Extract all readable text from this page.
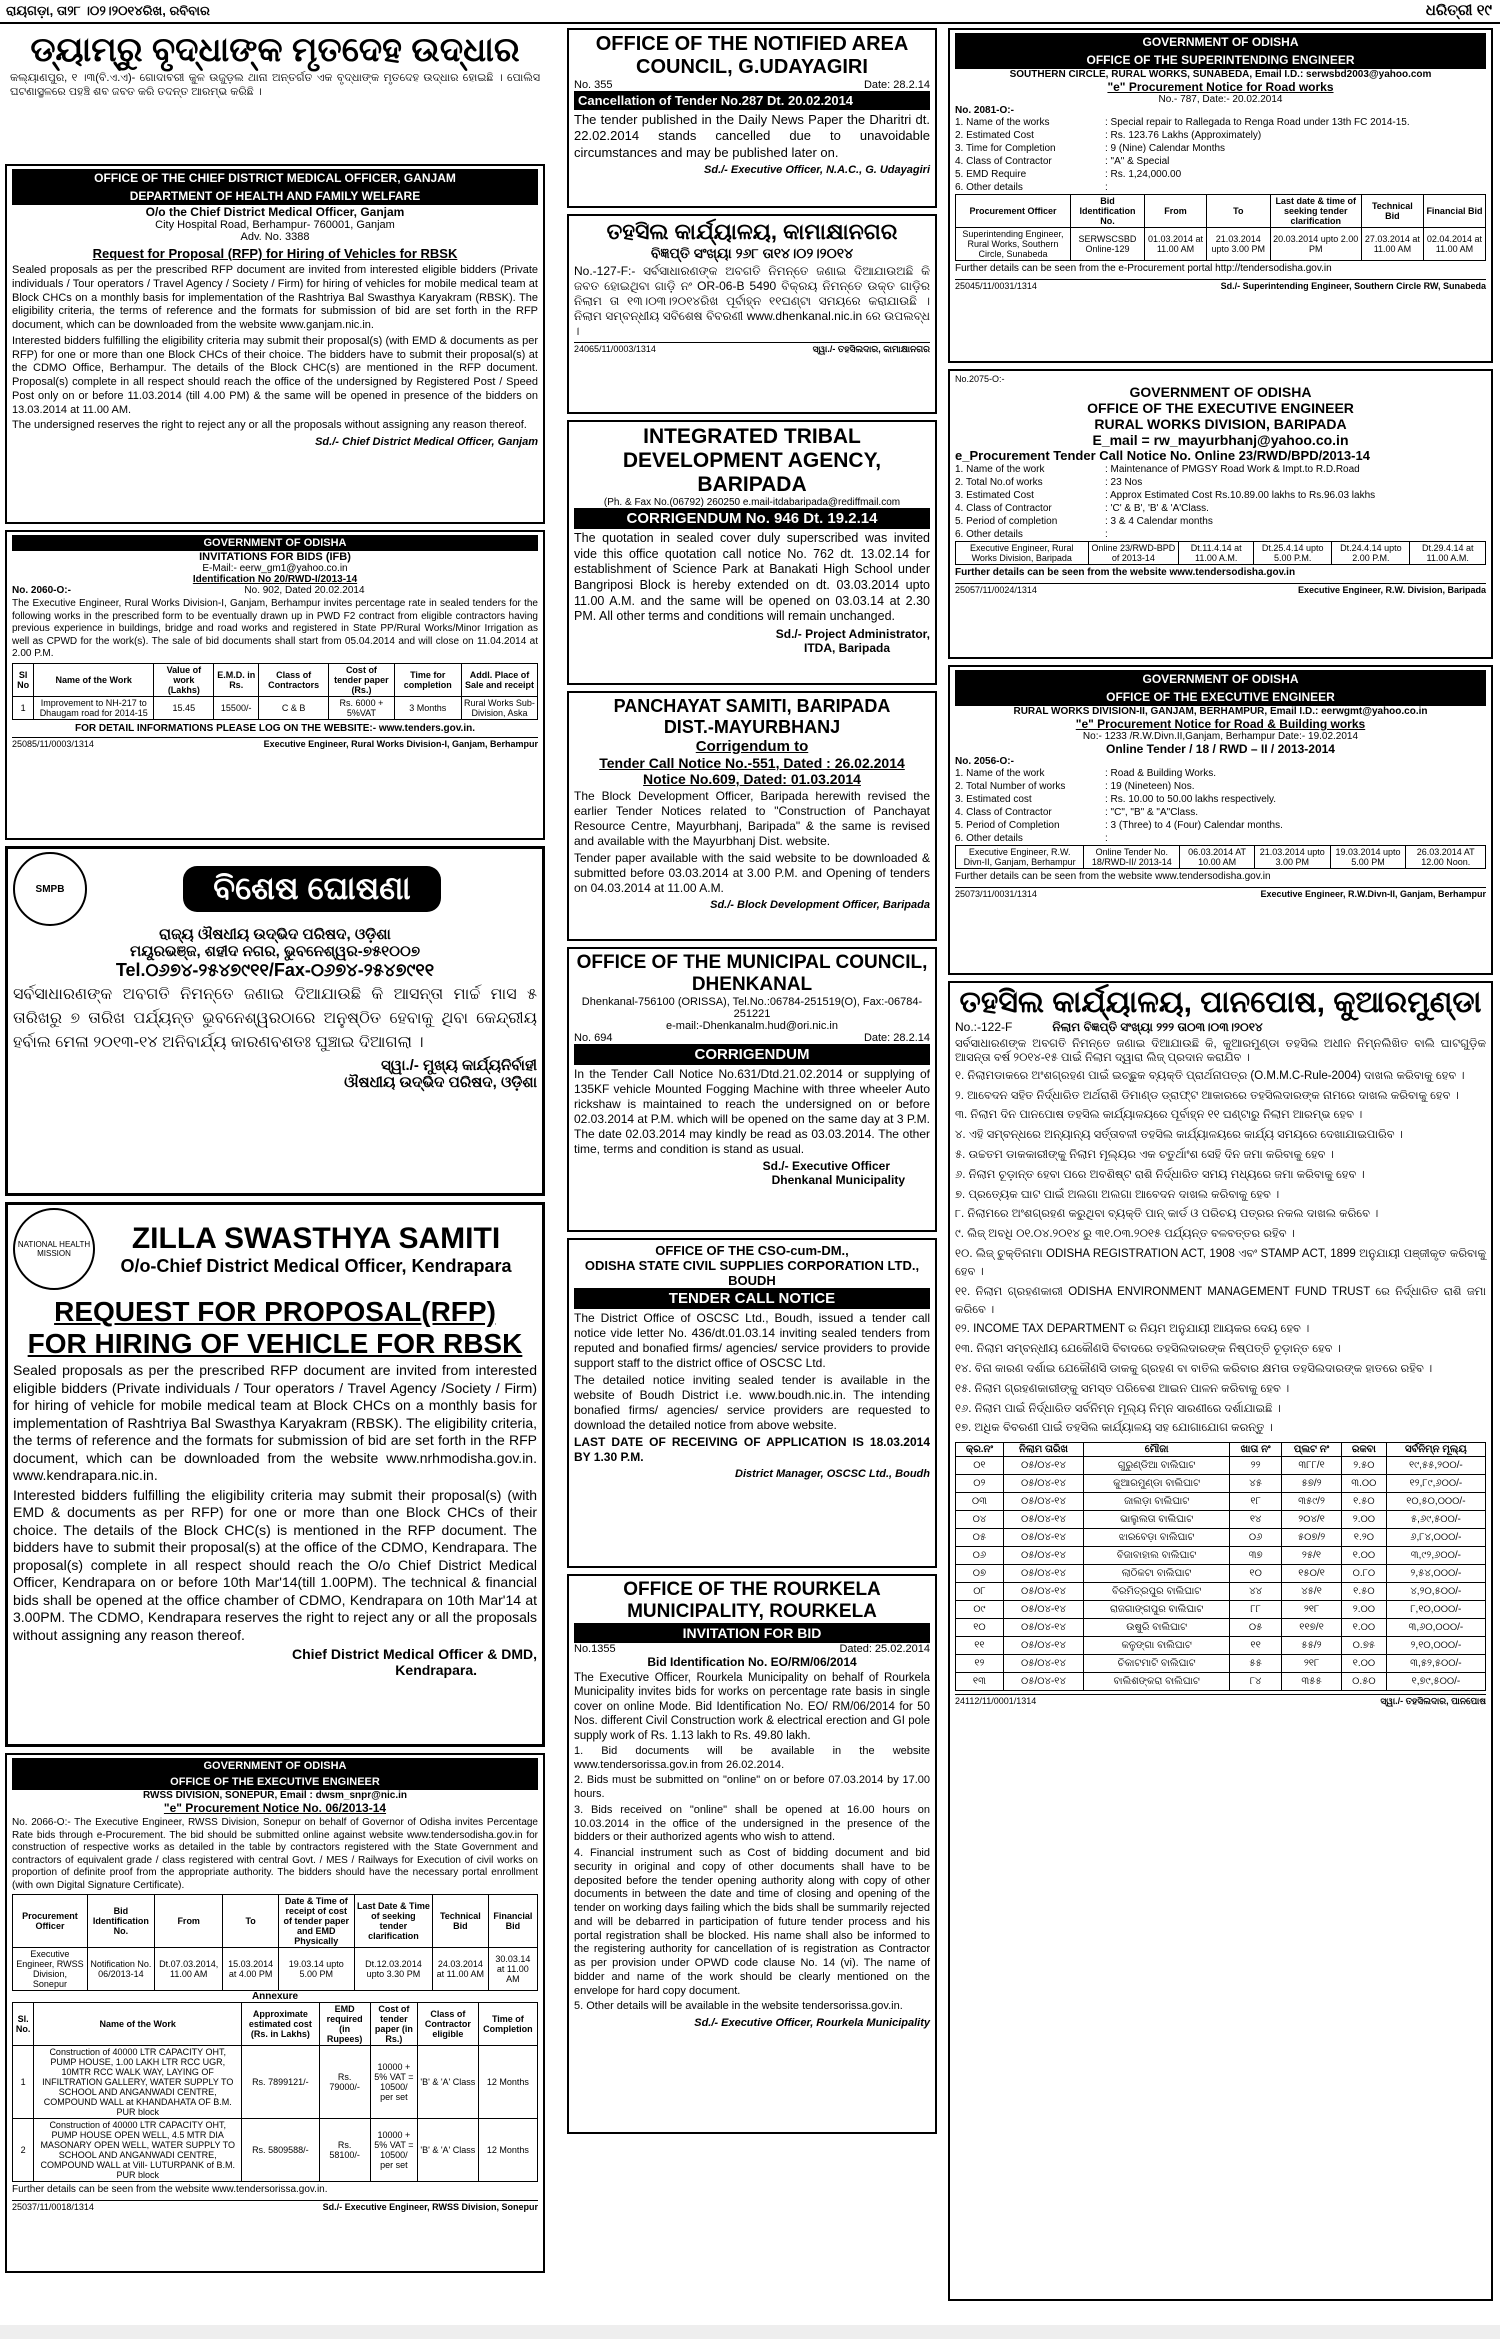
ରାୟଗଡ଼ା, ତା୨୮ ।୦୨।୨୦୧୪ରିଖ, ରବିବାର	ଧରିତ୍ରୀ ୧୯
ଡ୍ୟାମ୍‌ରୁ ବୃଦ୍ଧାଙ୍କ ମୃତଦେହ ଉଦ୍ଧାର

କଲ୍ୟାଣପୁର, ୧ ।୩(ବି.ଏ.ଏ)- ଗୋଦାବରୀ କୁଳ ଉଜୁଡ଼ଲ ଥାନା ଅନ୍ତର୍ଗତ ଏକ ବୃଦ୍ଧାଙ୍କ ମୃତଦେହ ଉଦ୍ଧାର ହୋଇଛି । ପୋଲିସ ଘଟଣାସ୍ଥଳରେ ପହଞ୍ଚି ଶବ ଜବତ କରି ତଦନ୍ତ ଆରମ୍ଭ କରିଛି ।

OFFICE OF THE CHIEF DISTRICT MEDICAL OFFICER, GANJAM
DEPARTMENT OF HEALTH AND FAMILY WELFARE
O/o the Chief District Medical Officer, Ganjam
City Hospital Road, Berhampur- 760001, Ganjam
Adv. No. 3388
Request for Proposal (RFP) for Hiring of Vehicles for RBSK

Sealed proposals as per the prescribed RFP document are invited from interested eligible bidders (Private individuals / Tour operators / Travel Agency / Society / Firm) for hiring of vehicles for mobile medical team at Block CHCs on a monthly basis for implementation of the Rashtriya Bal Swasthya Karyakram (RBSK). The eligibility criteria, the terms of reference and the formats for submission of bid are set forth in the RFP document, which can be downloaded from the website www.ganjam.nic.in.

Interested bidders fulfilling the eligibility criteria may submit their proposal(s) (with EMD & documents as per RFP) for one or more than one Block CHCs of their choice. The bidders have to submit their proposal(s) at the CDMO Office, Berhampur. The details of the Block CHC(s) are mentioned in the RFP document. Proposal(s) complete in all respect should reach the office of the undersigned by Registered Post / Speed Post only on or before 11.03.2014 (till 4.00 PM) & the same will be opened in presence of the bidders on 13.03.2014 at 11.00 AM.

The undersigned reserves the right to reject any or all the proposals without assigning any reason thereof.

Sd./- Chief District Medical Officer, Ganjam
GOVERNMENT OF ODISHA
INVITATIONS FOR BIDS (IFB)
E-Mail:- eerw_gm1@yahoo.co.in
Identification No 20/RWD-I/2013-14
No. 2060-O:-	No. 902, Dated 20.02.2014

The Executive Engineer, Rural Works Division-I, Ganjam, Berhampur invites percentage rate in sealed tenders for the following works in the prescribed form to be eventually drawn up in PWD F2 contract from eligible contractors having previous experience in buildings, bridge and road works and registered in State PP/Rural Works/Minor Irrigation as well as CPWD for the work(s). The sale of bid documents shall start from 05.04.2014 and will close on 11.04.2014 at 2.00 P.M.

Sl No	Name of the Work	Value of work (Lakhs)	E.M.D. in Rs.	Class of Contractors	Cost of tender paper (Rs.)	Time for completion	Addl. Place of Sale and receipt
1	Improvement to NH-217 to Dhaugam road for 2014-15	15.45	15500/-	C & B	Rs. 6000 + 5%VAT	3 Months	Rural Works Sub-Division, Aska
FOR DETAIL INFORMATIONS PLEASE LOG ON THE WEBSITE:- www.tenders.gov.in.
25085/11/0003/1314	Executive Engineer, Rural Works Division-I, Ganjam, Berhampur
SMPB	ବିଶେଷ ଘୋଷଣା
ରାଜ୍ୟ ଔଷଧୀୟ ଉଦ୍ଭିଦ ପରିଷଦ, ଓଡ଼ିଶା
ମୟୂରଭଞ୍ଜ, ଶହୀଦ ନଗର, ଭୁବନେଶ୍ୱର-୭୫୧୦୦୭
Tel.୦୬୭୪-୨୫୪୭୯୧୧/Fax-୦୬୭୪-୨୫୪୭୯୧୧

ସର୍ବସାଧାରଣଙ୍କ ଅବଗତି ନିମନ୍ତେ ଜଣାଇ ଦିଆଯାଉଛି କି ଆସନ୍ତା ମାର୍ଚ୍ଚ ମାସ ୫ ତାରିଖରୁ ୭ ତାରିଖ ପର୍ଯ୍ୟନ୍ତ ଭୁବନେଶ୍ୱରଠାରେ ଅନୁଷ୍ଠିତ ହେବାକୁ ଥିବା କେନ୍ଦ୍ରୀୟ ହର୍ବାଲ ମେଳା ୨୦୧୩-୧୪ ଅନିବାର୍ଯ୍ୟ କାରଣବଶତଃ ଘୁଞ୍ଚାଇ ଦିଆଗଲା ।

ସ୍ୱା./- ମୁଖ୍ୟ କାର୍ଯ୍ୟନିର୍ବାହୀ
ଔଷଧୀୟ ଉଦ୍ଭିଦ ପରିଷଦ, ଓଡ଼ିଶା
NATIONAL HEALTH MISSION	ZILLA SWASTHYA SAMITI
O/o-Chief District Medical Officer, Kendrapara
REQUEST FOR PROPOSAL(RFP)
FOR HIRING OF VEHICLE FOR RBSK

Sealed proposals as per the prescribed RFP document are invited from interested eligible bidders (Private individuals / Tour operators / Travel Agency /Society / Firm) for hiring of vehicle for mobile medical team at Block CHCs on a monthly basis for implementation of Rashtriya Bal Swasthya Karyakram (RBSK). The eligibility criteria, the terms of reference and the formats for submission of bid are set forth in the RFP document, which can be downloaded from the website www.nrhmodisha.gov.in. www.kendrapara.nic.in.

Interested bidders fulfilling the eligibility criteria may submit their proposal(s) (with EMD & documents as per RFP) for one or more than one Block CHCs of their choice. The details of the Block CHC(s) is mentioned in the RFP document. The bidders have to submit their proposal(s) at the office of the CDMO, Kendrapara. The proposal(s) complete in all respect should reach the O/o Chief District Medical Officer, Kendrapara on or before 10th Mar'14(till 1.00PM). The technical & financial bids shall be opened at the office chamber of CDMO, Kendrapara on 10th Mar'14 at 3.00PM. The CDMO, Kendrapara reserves the right to reject any or all the proposals without assigning any reason thereof.

Chief District Medical Officer & DMD,
Kendrapara.
GOVERNMENT OF ODISHA
OFFICE OF THE EXECUTIVE ENGINEER
RWSS DIVISION, SONEPUR, Email : dwsm_snpr@nic.in
"e" Procurement Notice No. 06/2013-14

No. 2066-O:- The Executive Engineer, RWSS Division, Sonepur on behalf of Governor of Odisha invites Percentage Rate bids through e-Procurement. The bid should be submitted online against website www.tendersodisha.gov.in for construction of respective works as detailed in the table by contractors registered with the State Government and contractors of equivalent grade / class registered with central Govt. / MES / Railways for Execution of civil works on proportion of definite proof from the appropriate authority. The bidders should have the necessary portal enrollment (with own Digital Signature Certificate).

Procurement Officer	Bid Identification No.	From	To	Date & Time of receipt of cost of tender paper and EMD Physically	Last Date & Time of seeking tender clarification	Technical Bid	Financial Bid
Executive Engineer, RWSS Division, Sonepur	Notification No. 06/2013-14	Dt.07.03.2014, 11.00 AM	15.03.2014 at 4.00 PM	19.03.14 upto 5.00 PM	Dt.12.03.2014 upto 3.30 PM	24.03.2014 at 11.00 AM	30.03.14 at 11.00 AM
Annexure
Sl. No.	Name of the Work	Approximate estimated cost (Rs. in Lakhs)	EMD required (in Rupees)	Cost of tender paper (in Rs.)	Class of Contractor eligible	Time of Completion
1	Construction of 40000 LTR CAPACITY OHT, PUMP HOUSE, 1.00 LAKH LTR RCC UGR, 10MTR RCC WALK WAY, LAYING OF INFILTRATION GALLERY, WATER SUPPLY TO SCHOOL AND ANGANWADI CENTRE, COMPOUND WALL at KHANDAHATA OF B.M. PUR block	Rs. 7899121/-	Rs. 79000/-	10000 + 5% VAT = 10500/ per set	'B' & 'A' Class	12 Months
2	Construction of 40000 LTR CAPACITY OHT, PUMP HOUSE OPEN WELL, 4.5 MTR DIA MASONARY OPEN WELL, WATER SUPPLY TO SCHOOL AND ANGANWADI CENTRE, COMPOUND WALL at Vill- LUTURPANK of B.M. PUR block	Rs. 5809588/-	Rs. 58100/-	10000 + 5% VAT = 10500/ per set	'B' & 'A' Class	12 Months

Further details can be seen from the website www.tendersorissa.gov.in.

25037/11/0018/1314	Sd./- Executive Engineer, RWSS Division, Sonepur
OFFICE OF THE NOTIFIED AREA COUNCIL, G.UDAYAGIRI
No. 355	Date: 28.2.14
Cancellation of Tender No.287 Dt. 20.02.2014

The tender published in the Daily News Paper the Dharitri dt. 22.02.2014 stands cancelled due to unavoidable circumstances and may be published later on.

Sd./- Executive Officer, N.A.C., G. Udayagiri
ତହସିଲ କାର୍ଯ୍ୟାଳୟ, କାମାକ୍ଷାନଗର
ବିଜ୍ଞପ୍ତି ସଂଖ୍ୟା ୨୬୮ ତା୧୪।୦୨।୨୦୧୪

No.-127-F:- ସର୍ବସାଧାରଣଙ୍କ ଅବଗତି ନିମନ୍ତେ ଜଣାଇ ଦିଆଯାଉଅଛି କି ଜବତ ହୋଇଥିବା ଗାଡ଼ି ନଂ OR-06-B 5490 ବିକ୍ରୟ ନିମନ୍ତେ ଉକ୍ତ ଗାଡ଼ିର ନିଲାମ ତା ୧୩।୦୩।୨୦୧୪ରିଖ ପୂର୍ବାହ୍ନ ୧୧ଘଣ୍ଟା ସମୟରେ କରାଯାଉଛି । ନିଲାମ ସମ୍ବନ୍ଧୀୟ ସବିଶେଷ ବିବରଣୀ www.dhenkanal.nic.in ରେ ଉପଲବ୍ଧ ।

24065/11/0003/1314	ସ୍ୱା./- ତହସିଲଦାର, କାମାକ୍ଷାନଗର
INTEGRATED TRIBAL DEVELOPMENT AGENCY, BARIPADA
(Ph. & Fax No.(06792) 260250 e.mail-itdabaripada@rediffmail.com
CORRIGENDUM No. 946 Dt. 19.2.14

The quotation in sealed cover duly superscribed was invited vide this office quotation call notice No. 762 dt. 13.02.14 for establishment of Science Park at Banakati High School under Bangriposi Block is hereby extended on dt. 03.03.2014 upto 11.00 A.M. and the same will be opened on 03.03.14 at 2.30 PM. All other terms and conditions will remain unchanged.

Sd./- Project Administrator,
ITDA, Baripada
PANCHAYAT SAMITI, BARIPADA
DIST.-MAYURBHANJ
Corrigendum to
Tender Call Notice No.-551, Dated : 26.02.2014
Notice No.609, Dated: 01.03.2014

The Block Development Officer, Baripada herewith revised the earlier Tender Notices related to "Construction of Panchayat Resource Centre, Mayurbhanj, Baripada" & the same is revised and available with the Mayurbhanj Dist. website.

Tender paper available with the said website to be downloaded & submitted before 03.03.2014 at 3.00 P.M. and Opening of tenders on 04.03.2014 at 11.00 A.M.

Sd./- Block Development Officer, Baripada
OFFICE OF THE MUNICIPAL COUNCIL, DHENKANAL
Dhenkanal-756100 (ORISSA), Tel.No.:06784-251519(O), Fax:-06784-251221
e-mail:-Dhenkanalm.hud@ori.nic.in
No. 694	Date: 28.2.14
CORRIGENDUM

In the Tender Call Notice No.631/Dtd.21.02.2014 or supplying of 135KF vehicle Mounted Fogging Machine with three wheeler Auto rickshaw is maintained to reach the undersigned on or before 02.03.2014 at P.M. which will be opened on the same day at 3 P.M. The date 02.03.2014 may kindly be read as 03.03.2014. The other time, terms and condition is stand as usual.

Sd./- Executive Officer
Dhenkanal Municipality
OFFICE OF THE CSO-cum-DM.,
ODISHA STATE CIVIL SUPPLIES CORPORATION LTD., BOUDH
TENDER CALL NOTICE

The District Office of OSCSC Ltd., Boudh, issued a tender call notice vide letter No. 436/dt.01.03.14 inviting sealed tenders from reputed and bonafied firms/ agencies/ service providers to provide support staff to the district office of OSCSC Ltd.

The detailed notice inviting sealed tender is available in the website of Boudh District i.e. www.boudh.nic.in. The intending bonafied firms/ agencies/ service providers are requested to download the detailed notice from above website.

LAST DATE OF RECEIVING OF APPLICATION IS 18.03.2014 BY 1.30 P.M.

District Manager, OSCSC Ltd., Boudh
OFFICE OF THE ROURKELA MUNICIPALITY, ROURKELA
INVITATION FOR BID
No.1355	Dated: 25.02.2014
Bid Identification No. EO/RM/06/2014

The Executive Officer, Rourkela Municipality on behalf of Rourkela Municipality invites bids for works on percentage rate basis in single cover on online Mode. Bid Identification No. EO/ RM/06/2014 for 50 Nos. different Civil Construction work & electrical erection and GI pole supply work of Rs. 1.13 lakh to Rs. 49.80 lakh.

1. Bid documents will be available in the website www.tendersorissa.gov.in from 26.02.2014.

2. Bids must be submitted on "online" on or before 07.03.2014 by 17.00 hours.

3. Bids received on "online" shall be opened at 16.00 hours on 10.03.2014 in the office of the undersigned in the presence of the bidders or their authorized agents who wish to attend.

4. Financial instrument such as Cost of bidding document and bid security in original and copy of other documents shall have to be deposited before the tender opening authority along with copy of other documents in between the date and time of closing and opening of the tender on working days failing which the bids shall be summarily rejected and will be debarred in participation of future tender process and his portal registration shall be blocked. His name shall also be informed to the registering authority for cancellation of is registration as Contractor as per provision under OPWD code clause No. 14 (vi). The name of bidder and name of the work should be clearly mentioned on the envelope for hard copy document.

5. Other details will be available in the website tendersorissa.gov.in.

Sd./- Executive Officer, Rourkela Municipality
GOVERNMENT OF ODISHA
OFFICE OF THE SUPERINTENDING ENGINEER
SOUTHERN CIRCLE, RURAL WORKS, SUNABEDA, Email I.D.: serwsbd2003@yahoo.com
"e" Procurement Notice for Road works
No.- 787, Date:- 20.02.2014
No. 2081-O:-
1. Name of the works	: Special repair to Rallegada to Renga Road under 13th FC 2014-15.
2. Estimated Cost	: Rs. 123.76 Lakhs (Approximately)
3. Time for Completion	: 9 (Nine) Calendar Months
4. Class of Contractor	: "A" & Special
5. EMD Require	: Rs. 1,24,000.00
6. Other details	:
Procurement Officer	Bid Identification No.	From	To	Last date & time of seeking tender clarification	Technical Bid	Financial Bid
Superintending Engineer, Rural Works, Southern Circle, Sunabeda	SERWSCSBD Online-129	01.03.2014 at 11.00 AM	21.03.2014 upto 3.00 PM	20.03.2014 upto 2.00 PM	27.03.2014 at 11.00 AM	02.04.2014 at 11.00 AM

Further details can be seen from the e-Procurement portal http://tendersodisha.gov.in

25045/11/0031/1314	Sd./- Superintending Engineer, Southern Circle RW, Sunabeda
No.2075-O:-
GOVERNMENT OF ODISHA
OFFICE OF THE EXECUTIVE ENGINEER
RURAL WORKS DIVISION, BARIPADA
E_mail = rw_mayurbhanj@yahoo.co.in
e_Procurement Tender Call Notice No. Online 23/RWD/BPD/2013-14
1. Name of the work	: Maintenance of PMGSY Road Work & Impt.to R.D.Road
2. Total No.of works	: 23 Nos
3. Estimated Cost	: Approx Estimated Cost Rs.10.89.00 lakhs to Rs.96.03 lakhs
4. Class of Contractor	: 'C' & B', 'B' & 'A'Class.
5. Period of completion	: 3 & 4 Calendar months
6. Other details	:
Executive Engineer, Rural Works Division, Baripada	Online 23/RWD-BPD of 2013-14	Dt.11.4.14 at 11.00 A.M.	Dt.25.4.14 upto 5.00 P.M.	Dt.24.4.14 upto 2.00 P.M.	Dt.29.4.14 at 11.00 A.M.

Further details can be seen from the website www.tendersodisha.gov.in

25057/11/0024/1314	Executive Engineer, R.W. Division, Baripada
GOVERNMENT OF ODISHA
OFFICE OF THE EXECUTIVE ENGINEER
RURAL WORKS DIVISION-II, GANJAM, BERHAMPUR, Email I.D.: eerwgmt@yahoo.co.in
"e" Procurement Notice for Road & Building works
No:- 1233 /R.W.Divn.II,Ganjam, Berhampur Date:- 19.02.2014
Online Tender / 18 / RWD – II / 2013-2014
No. 2056-O:-
1. Name of the work	: Road & Building Works.
2. Total Number of works	: 19 (Nineteen) Nos.
3. Estimated cost	: Rs. 10.00 to 50.00 lakhs respectively.
4. Class of Contractor	: "C", "B" & "A"Class.
5. Period of Completion	: 3 (Three) to 4 (Four) Calendar months.
6. Other details	:
Executive Engineer, R.W. Divn-II, Ganjam, Berhampur	Online Tender No. 18/RWD-II/ 2013-14	06.03.2014 AT 10.00 AM	21.03.2014 upto 3.00 PM	19.03.2014 upto 5.00 PM	26.03.2014 AT 12.00 Noon.

Further details can be seen from the website www.tendersodisha.gov.in

25073/11/0031/1314	Executive Engineer, R.W.Divn-II, Ganjam, Berhampur
ତହସିଲ କାର୍ଯ୍ୟାଳୟ, ପାନପୋଷ, କୁଆରମୁଣ୍ଡା
No.:-122-F	ନିଲାମ ବିଜ୍ଞପ୍ତି ସଂଖ୍ୟା ୨୨୨ ତା୦୩।୦୩।୨୦୧୪

ସର୍ବସାଧାରଣଙ୍କ ଅବଗତି ନିମନ୍ତେ ଜଣାଇ ଦିଆଯାଉଛି କି, କୁଆରମୁଣ୍ଡା ତହସିଲ ଅଧୀନ ନିମ୍ନଲିଖିତ ବାଲି ଘାଟଗୁଡ଼ିକ ଆସନ୍ତା ବର୍ଷ ୨୦୧୪-୧୫ ପାଇଁ ନିଲାମ ଦ୍ୱାରା ଲିଜ୍ ପ୍ରଦାନ କରାଯିବ ।

୧. ନିଲାମଡାକରେ ଅଂଶଗ୍ରହଣ ପାଇଁ ଇଚ୍ଛୁକ ବ୍ୟକ୍ତି ପ୍ରାର୍ଥନାପତ୍ର (O.M.M.C-Rule-2004) ଦାଖଲ କରିବାକୁ ହେବ ।

୨. ଆବେଦନ ସହିତ ନିର୍ଦ୍ଧାରିତ ଅର୍ଥରାଶି ଡିମାଣ୍ଡ ଡ୍ରାଫ୍ଟ ଆକାରରେ ତହସିଲଦାରଙ୍କ ନାମରେ ଦାଖଲ କରିବାକୁ ହେବ ।

୩. ନିଲାମ ଦିନ ପାନପୋଷ ତହସିଲ କାର୍ଯ୍ୟାଳୟରେ ପୂର୍ବାହ୍ନ ୧୧ ଘଣ୍ଟାରୁ ନିଲାମ ଆରମ୍ଭ ହେବ ।

୪. ଏହି ସମ୍ବନ୍ଧରେ ଅନ୍ୟାନ୍ୟ ସର୍ତ୍ତାବଳୀ ତହସିଲ କାର୍ଯ୍ୟାଳୟରେ କାର୍ଯ୍ୟ ସମୟରେ ଦେଖାଯାଇପାରିବ ।

୫. ଉଚ୍ଚତମ ଡାକକାରୀଙ୍କୁ ନିଲାମ ମୂଲ୍ୟର ଏକ ଚତୁର୍ଥାଂଶ ସେହି ଦିନ ଜମା କରିବାକୁ ହେବ ।

୬. ନିଲାମ ଚୂଡ଼ାନ୍ତ ହେବା ପରେ ଅବଶିଷ୍ଟ ରାଶି ନିର୍ଦ୍ଧାରିତ ସମୟ ମଧ୍ୟରେ ଜମା କରିବାକୁ ହେବ ।

୭. ପ୍ରତ୍ୟେକ ଘାଟ ପାଇଁ ଅଲଗା ଅଲଗା ଆବେଦନ ଦାଖଲ କରିବାକୁ ହେବ ।

୮. ନିଲାମରେ ଅଂଶଗ୍ରହଣ କରୁଥିବା ବ୍ୟକ୍ତି ପାନ୍ କାର୍ଡ ଓ ପରିଚୟ ପତ୍ରର ନକଲ ଦାଖଲ କରିବେ ।

୯. ଲିଜ୍ ଅବଧି ୦୧.୦୪.୨୦୧୪ ରୁ ୩୧.୦୩.୨୦୧୫ ପର୍ଯ୍ୟନ୍ତ ବଳବତ୍ତର ରହିବ ।

୧୦. ଲିଜ୍ ଚୁକ୍ତିନାମା ODISHA REGISTRATION ACT, 1908 ଏବଂ STAMP ACT, 1899 ଅନୁଯାୟୀ ପଞ୍ଜୀକୃତ କରିବାକୁ ହେବ ।

୧୧. ନିଲାମ ଗ୍ରହଣକାରୀ ODISHA ENVIRONMENT MANAGEMENT FUND TRUST ରେ ନିର୍ଦ୍ଧାରିତ ରାଶି ଜମା କରିବେ ।

୧୨. INCOME TAX DEPARTMENT ର ନିୟମ ଅନୁଯାୟୀ ଆୟକର ଦେୟ ହେବ ।

୧୩. ନିଲାମ ସମ୍ବନ୍ଧୀୟ ଯେକୌଣସି ବିବାଦରେ ତହସିଲଦାରଙ୍କ ନିଷ୍ପତ୍ତି ଚୂଡ଼ାନ୍ତ ହେବ ।

୧୪. ବିନା କାରଣ ଦର୍ଶାଇ ଯେକୌଣସି ଡାକକୁ ଗ୍ରହଣ ବା ବାତିଲ କରିବାର କ୍ଷମତା ତହସିଲଦାରଙ୍କ ହାତରେ ରହିବ ।

୧୫. ନିଲାମ ଗ୍ରହଣକାରୀଙ୍କୁ ସମସ୍ତ ପରିବେଶ ଆଇନ ପାଳନ କରିବାକୁ ହେବ ।

୧୬. ନିଲାମ ପାଇଁ ନିର୍ଦ୍ଧାରିତ ସର୍ବନିମ୍ନ ମୂଲ୍ୟ ନିମ୍ନ ସାରଣୀରେ ଦର୍ଶାଯାଇଛି ।

୧୭. ଅଧିକ ବିବରଣୀ ପାଇଁ ତହସିଲ କାର୍ଯ୍ୟାଳୟ ସହ ଯୋଗାଯୋଗ କରନ୍ତୁ ।

କ୍ର.ନଂ	ନିଲାମ ତାରିଖ	ମୌଜା	ଖାତା ନଂ	ପ୍ଲଟ ନଂ	ରକବା	ସର୍ବନିମ୍ନ ମୂଲ୍ୟ
୦୧	୦୫/୦୪-୧୪	ଗୁରୁଣ୍ଡିଆ ବାଲିଘାଟ	୨୨	୩୮୮/୧	୨.୫୦	୧୯,୫୫,୨୦୦/-
୦୨	୦୫/୦୪-୧୪	କୁଆରମୁଣ୍ଡା ବାଲିଘାଟ	୪୫	୫୭/୨	୩.୦୦	୧୨,୮୯,୬୦୦/-
୦୩	୦୫/୦୪-୧୪	ଜାଲଡ଼ା ବାଲିଘାଟ	୧୮	୩୫୯/୨	୧.୫୦	୧୦,୫୦,୦୦୦/-
୦୪	୦୫/୦୪-୧୪	ଭାଲୁଲତା ବାଲିଘାଟ	୧୪	୨୦୪/୧	୨.୦୦	୫,୬୯,୫୦୦/-
୦୫	୦୫/୦୪-୧୪	ଝାରବେଡ଼ା ବାଲିଘାଟ	୦୬	୫୦୭/୨	୧.୨୦	୬,୮୪,୦୦୦/-
୦୬	୦୫/୦୪-୧୪	ବିଜାବାହାଲ ବାଲିଘାଟ	୩୭	୨୫/୧	୧.୦୦	୩,୯୨,୬୦୦/-
୦୭	୦୫/୦୪-୧୪	ଲାଠିକଟା ବାଲିଘାଟ	୧୦	୧୫୦/୧	୦.୮୦	୨,୫୪,୦୦୦/-
୦୮	୦୫/୦୪-୧୪	ବିରମିତ୍ରପୁର ବାଲିଘାଟ	୪୪	୪୫/୧	୧.୫୦	୪,୨୦,୫୦୦/-
୦୯	୦୫/୦୪-୧୪	ରାଜଗାଙ୍ଗପୁର ବାଲିଘାଟ	୮୮	୨୧୮	୨.୦୦	୮,୧୦,୦୦୦/-
୧୦	୦୫/୦୪-୧୪	ଉଷୁରି ବାଲିଘାଟ	୦୫	୧୧୭/୧	୧.୦୦	୩,୬୦,୦୦୦/-
୧୧	୦୫/୦୪-୧୪	କଳୁଙ୍ଗା ବାଲିଘାଟ	୧୧	୫୫/୨	୦.୭୫	୨,୧୦,୦୦୦/-
୧୨	୦୫/୦୪-୧୪	ଚିକାଟମାଟି ବାଲିଘାଟ	୫୫	୨୧୮	୧.୦୦	୩,୫୨,୫୦୦/-
୧୩	୦୫/୦୪-୧୪	ବାଲିଶଙ୍କରା ବାଲିଘାଟ	୮୪	୩୫୫	୦.୫୦	୧,୭୯,୫୦୦/-
24112/11/0001/1314	ସ୍ୱା./- ତହସିଲଦାର, ପାନପୋଷ
